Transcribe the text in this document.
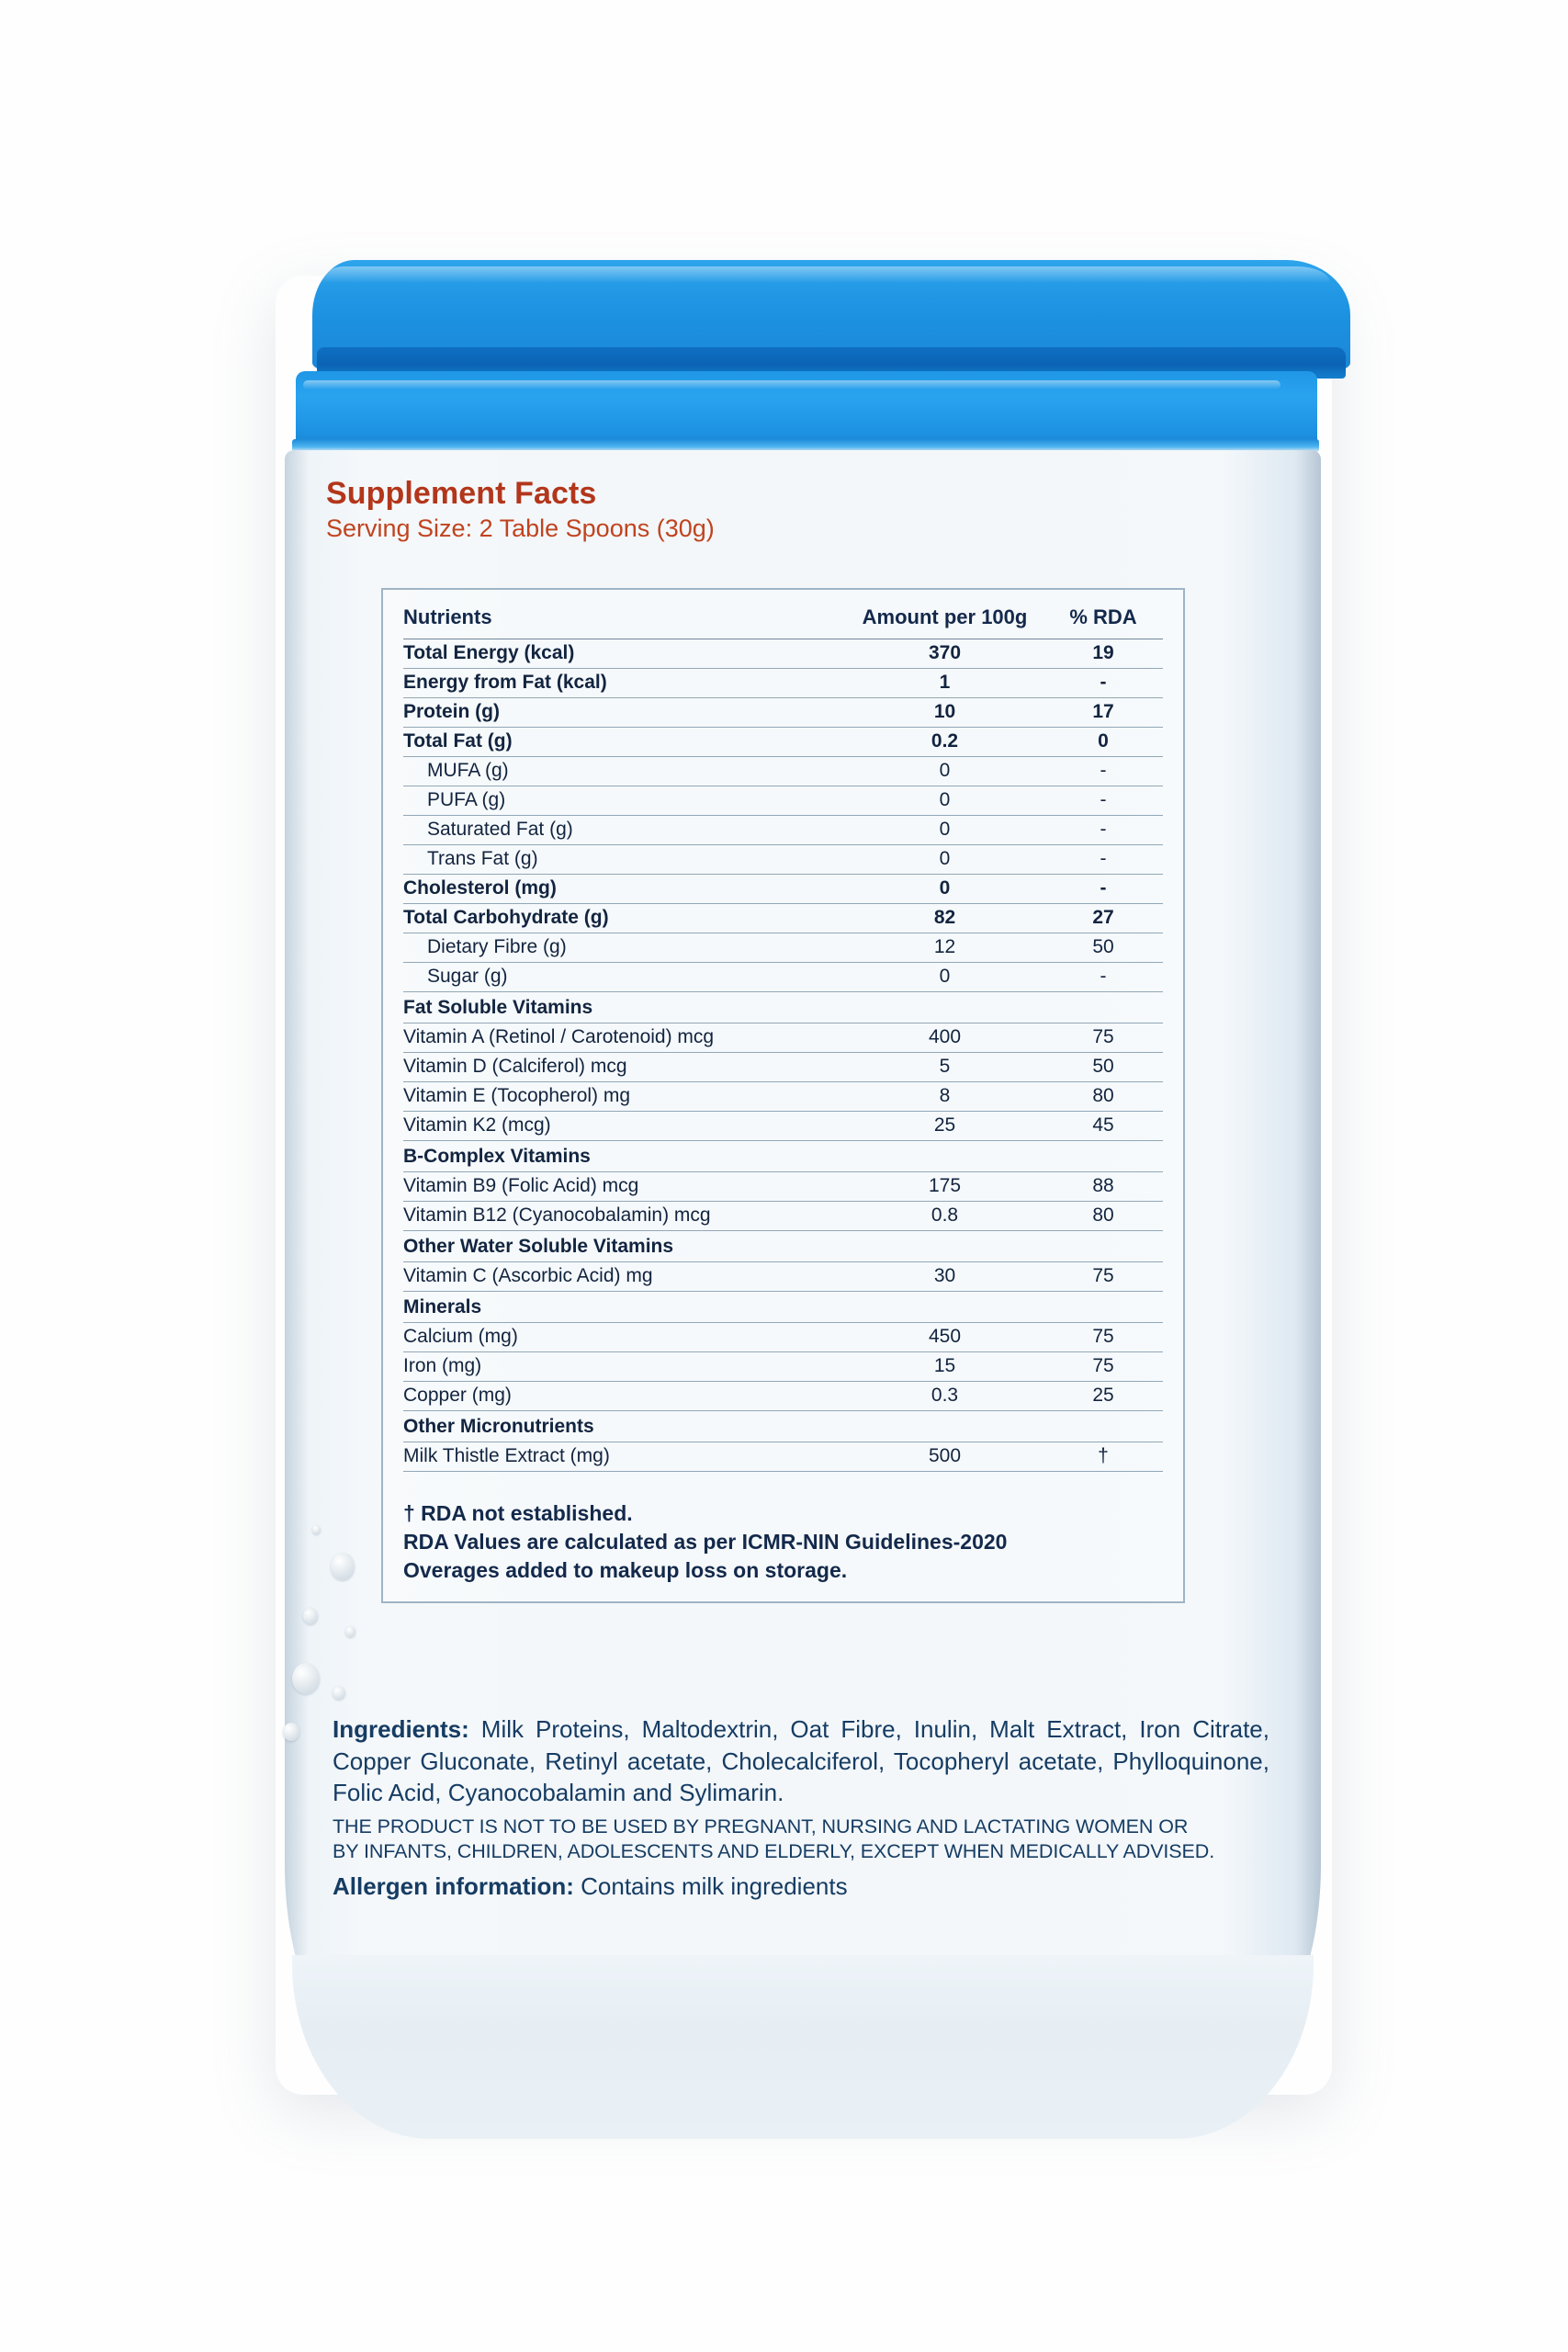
Supplement Facts
Serving Size: 2 Table Spoons (30g)
Nutrients	Amount per 100g	% RDA
Total Energy (kcal)	370	19
Energy from Fat (kcal)	1	-
Protein (g)	10	17
Total Fat (g)	0.2	0
MUFA (g)	0	-
PUFA (g)	0	-
Saturated Fat (g)	0	-
Trans Fat (g)	0	-
Cholesterol (mg)	0	-
Total Carbohydrate (g)	82	27
Dietary Fibre (g)	12	50
Sugar (g)	0	-
Fat Soluble Vitamins		
Vitamin A (Retinol / Carotenoid) mcg	400	75
Vitamin D (Calciferol) mcg	5	50
Vitamin E (Tocopherol) mg	8	80
Vitamin K2 (mcg)	25	45
B-Complex Vitamins		
Vitamin B9 (Folic Acid) mcg	175	88
Vitamin B12 (Cyanocobalamin) mcg	0.8	80
Other Water Soluble Vitamins		
Vitamin C (Ascorbic Acid) mg	30	75
Minerals		
Calcium (mg)	450	75
Iron (mg)	15	75
Copper (mg)	0.3	25
Other Micronutrients		
Milk Thistle Extract (mg)	500	†
† RDA not established.
RDA Values are calculated as per ICMR-NIN Guidelines-2020
Overages added to makeup loss on storage.
Ingredients: Milk Proteins, Maltodextrin, Oat Fibre, Inulin, Malt Extract, Iron Citrate, Copper Gluconate, Retinyl acetate, Cholecalciferol, Tocopheryl acetate, Phylloquinone, Folic Acid, Cyanocobalamin and Sylimarin.
THE PRODUCT IS NOT TO BE USED BY PREGNANT, NURSING AND LACTATING WOMEN OR
BY INFANTS, CHILDREN, ADOLESCENTS AND ELDERLY, EXCEPT WHEN MEDICALLY ADVISED.
Allergen information: Contains milk ingredients
